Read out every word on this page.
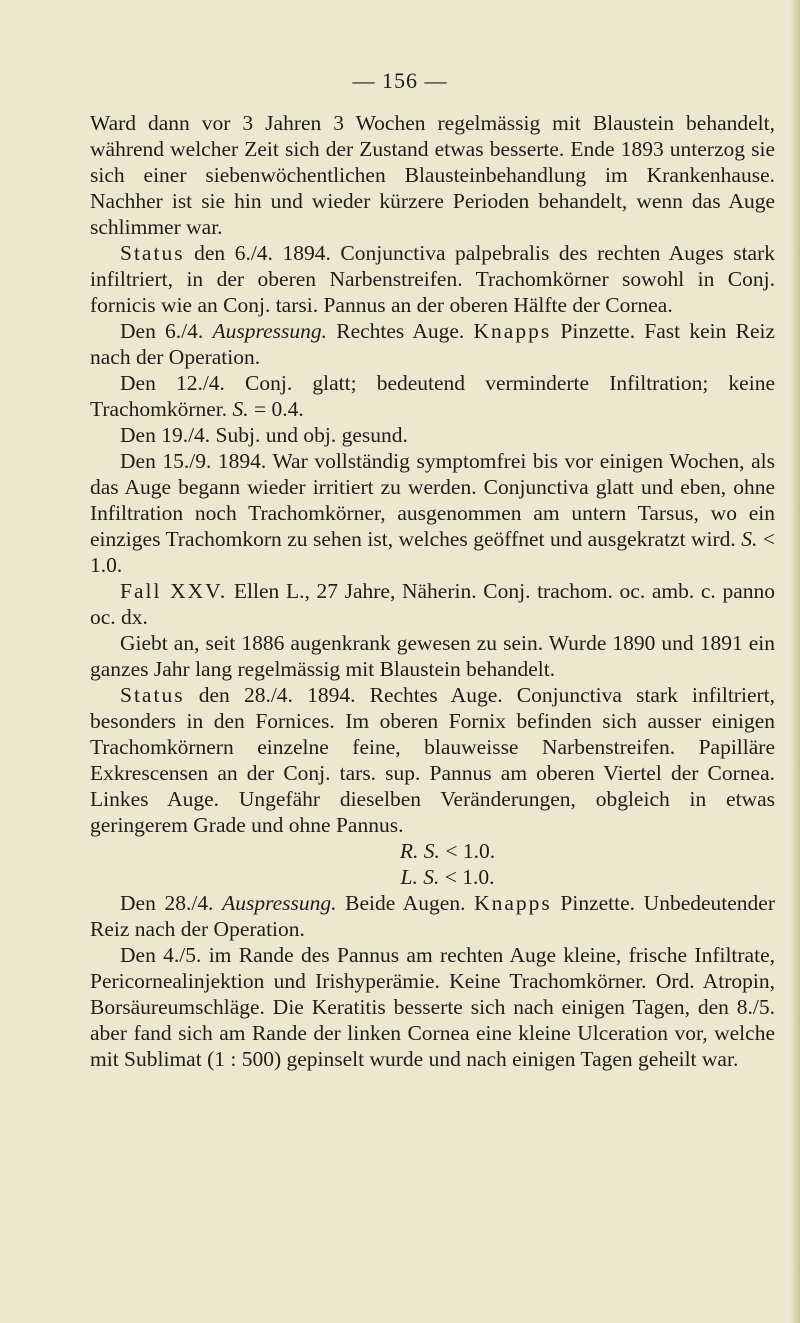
— 156 —

Ward dann vor 3 Jahren 3 Wochen regelmässig mit Blaustein behandelt, während welcher Zeit sich der Zustand etwas besserte. Ende 1893 unterzog sie sich einer siebenwöchentlichen Blausteinbehandlung im Krankenhause. Nachher ist sie hin und wieder kürzere Perioden behandelt, wenn das Auge schlimmer war.

Status den 6./4. 1894. Conjunctiva palpebralis des rechten Auges stark infiltriert, in der oberen Narbenstreifen. Trachomkörner sowohl in Conj. fornicis wie an Conj. tarsi. Pannus an der oberen Hälfte der Cornea.

Den 6./4. Auspressung. Rechtes Auge. Knapps Pinzette. Fast kein Reiz nach der Operation.

Den 12./4. Conj. glatt; bedeutend verminderte Infiltration; keine Trachomkörner. S. = 0.4.

Den 19./4. Subj. und obj. gesund.

Den 15./9. 1894. War vollständig symptomfrei bis vor einigen Wochen, als das Auge begann wieder irritiert zu werden. Conjunctiva glatt und eben, ohne Infiltration noch Trachomkörner, ausgenommen am untern Tarsus, wo ein einziges Trachomkorn zu sehen ist, welches geöffnet und ausgekratzt wird. S. < 1.0.

Fall XXV. Ellen L., 27 Jahre, Näherin. Conj. trachom. oc. amb. c. panno oc. dx.

Giebt an, seit 1886 augenkrank gewesen zu sein. Wurde 1890 und 1891 ein ganzes Jahr lang regelmässig mit Blaustein behandelt.

Status den 28./4. 1894. Rechtes Auge. Conjunctiva stark infiltriert, besonders in den Fornices. Im oberen Fornix befinden sich ausser einigen Trachomkörnern einzelne feine, blauweisse Narbenstreifen. Papilläre Exkrescensen an der Conj. tars. sup. Pannus am oberen Viertel der Cornea. Linkes Auge. Ungefähr dieselben Veränderungen, obgleich in etwas geringerem Grade und ohne Pannus.

R. S. < 1.0.

L. S. < 1.0.

Den 28./4. Auspressung. Beide Augen. Knapps Pinzette. Unbedeutender Reiz nach der Operation.

Den 4./5. im Rande des Pannus am rechten Auge kleine, frische Infiltrate, Pericornealinjektion und Irishyperämie. Keine Trachomkörner. Ord. Atropin, Borsäureumschläge. Die Keratitis besserte sich nach einigen Tagen, den 8./5. aber fand sich am Rande der linken Cornea eine kleine Ulceration vor, welche mit Sublimat (1 : 500) gepinselt wurde und nach einigen Tagen geheilt war.
